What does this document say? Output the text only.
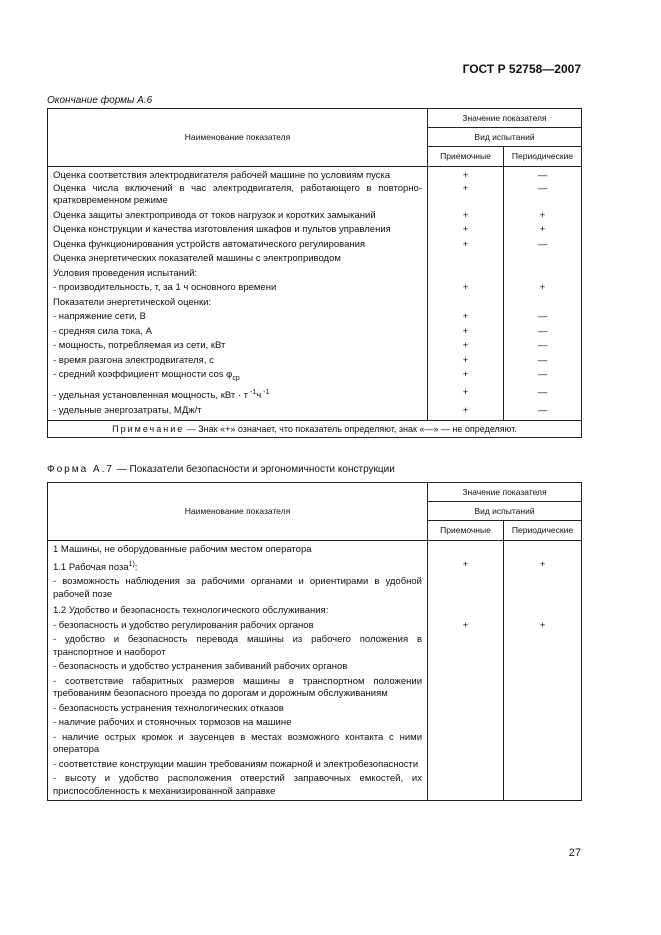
ГОСТ Р 52758—2007
Окончание формы А.6
Наименование показателя	Значение показателя	
	Вид испытаний	
	Приемочные	Периодические
Оценка соответствия электродвигателя рабочей машине по условиям пуска	+	—
Оценка числа включений в час электродвигателя, работающего в повторно-кратковременном режиме	+	—
Оценка защиты электропривода от токов нагрузок и коротких замыканий	+	+
Оценка конструкции и качества изготовления шкафов и пультов управления	+	+
Оценка функционирования устройств автоматического регулирования	+	—
Оценка энергетических показателей машины с электроприводом		
Условия проведения испытаний:		
- производительность, т, за 1 ч основного времени	+	+
Показатели энергетической оценки:		
- напряжение сети, В	+	—
- средняя сила тока, А	+	—
- мощность, потребляемая из сети, кВт	+	—
- время разгона электродвигателя, с	+	—
- средний коэффициент мощности $\cos \varphi_{ср}$	+	—
- удельная установленная мощность, кВт · т $^{-1}$ч $^{-1}$	+	—
- удельные энергозатраты, МДж/т	+	—
Примечание — Знак «+» означает, что показатель определяют, знак «—» — не определяют.		
Форма А.7 — Показатели безопасности и эргономичности конструкции
Наименование показателя	Значение показателя	
	Вид испытаний	
	Приемочные	Периодические
1 Машины, не оборудованные рабочим местом оператора		
1.1 Рабочая поза$^{1)}$:	+	+
- возможность наблюдения за рабочими органами и ориентирами в удобной рабочей позе		
1.2 Удобство и безопасность технологического обслуживания:		
- безопасность и удобство регулирования рабочих органов	+	+
- удобство и безопасность перевода машины из рабочего положения в транспортное и наоборот		
- безопасность и удобство устранения забиваний рабочих органов		
- соответствие габаритных размеров машины в транспортном положении требованиям безопасного проезда по дорогам и дорожным обслуживаниям		
- безопасность устранения технологических отказов		
- наличие рабочих и стояночных тормозов на машине		
- наличие острых кромок и заусенцев в местах возможного контакта с ними оператора		
- соответствие конструкции машин требованиям пожарной и электробезопасности		
- высоту и удобство расположения отверстий заправочных емкостей, их приспособленность к механизированной заправке		
27
